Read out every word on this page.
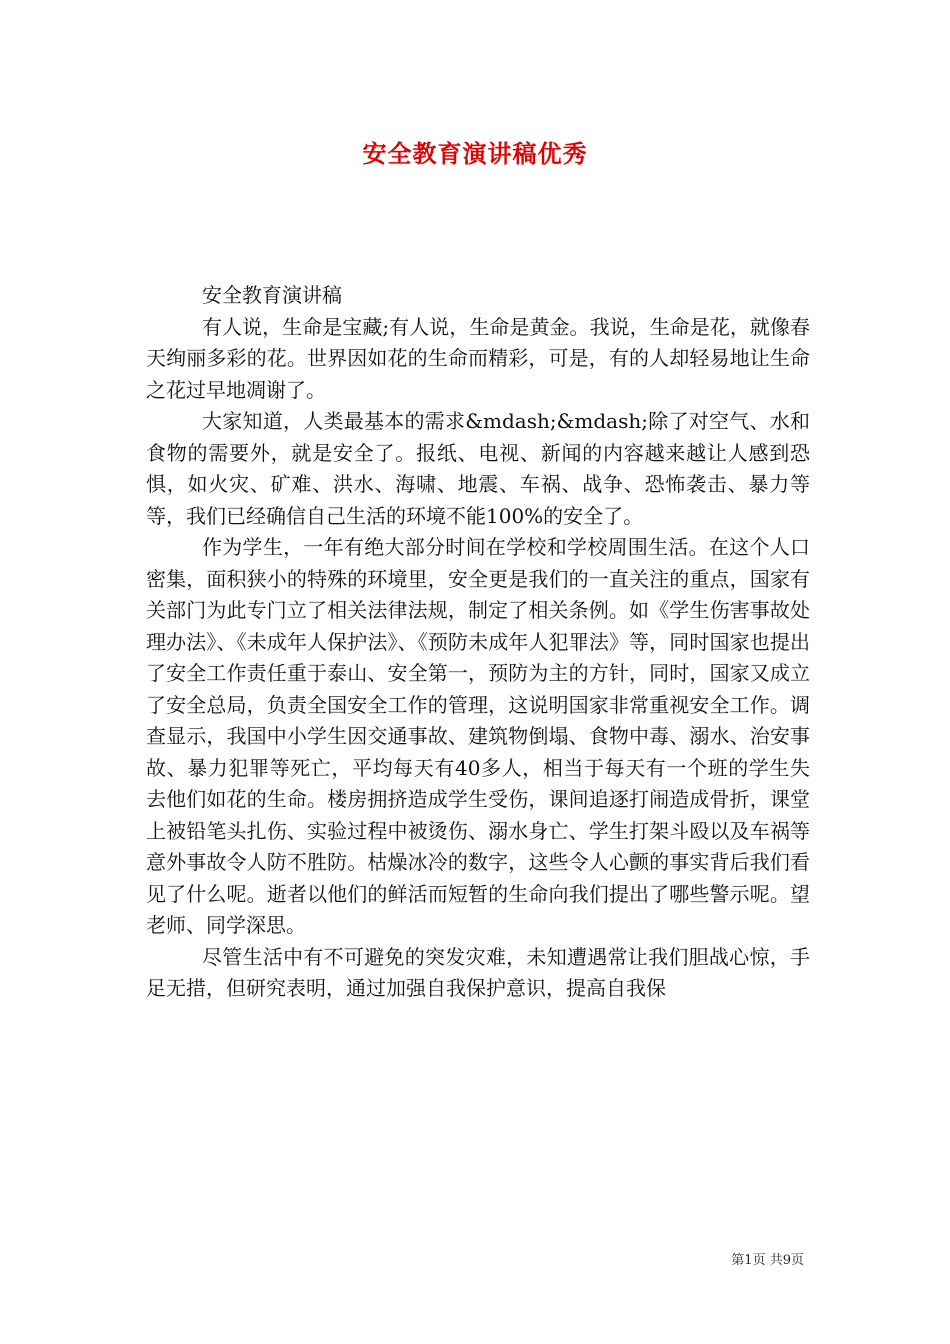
安全教育演讲稿优秀

安全教育演讲稿

有人说，生命是宝藏;有人说，生命是黄金。我说，生命是花，就像春天绚丽多彩的花。世界因如花的生命而精彩，可是，有的人却轻易地让生命之花过早地凋谢了。

大家知道，人类最基本的需求&mdash;&mdash;除了对空气、水和食物的需要外，就是安全了。报纸、电视、新闻的内容越来越让人感到恐惧，如火灾、矿难、洪水、海啸、地震、车祸、战争、恐怖袭击、暴力等等，我们已经确信自己生活的环境不能100%的安全了。

作为学生，一年有绝大部分时间在学校和学校周围生活。在这个人口密集，面积狭小的特殊的环境里，安全更是我们的一直关注的重点，国家有关部门为此专门立了相关法律法规，制定了相关条例。如《学生伤害事故处理办法》、《未成年人保护法》、《预防未成年人犯罪法》等，同时国家也提出了安全工作责任重于泰山、安全第一，预防为主的方针，同时，国家又成立了安全总局，负责全国安全工作的管理，这说明国家非常重视安全工作。调查显示，我国中小学生因交通事故、建筑物倒塌、食物中毒、溺水、治安事故、暴力犯罪等死亡，平均每天有40多人，相当于每天有一个班的学生失去他们如花的生命。楼房拥挤造成学生受伤，课间追逐打闹造成骨折，课堂上被铅笔头扎伤、实验过程中被烫伤、溺水身亡、学生打架斗殴以及车祸等意外事故令人防不胜防。枯燥冰冷的数字，这些令人心颤的事实背后我们看见了什么呢。逝者以他们的鲜活而短暂的生命向我们提出了哪些警示呢。望老师、同学深思。

尽管生活中有不可避免的突发灾难，未知遭遇常让我们胆战心惊，手足无措，但研究表明，通过加强自我保护意识，提高自我保

第1页 共9页
